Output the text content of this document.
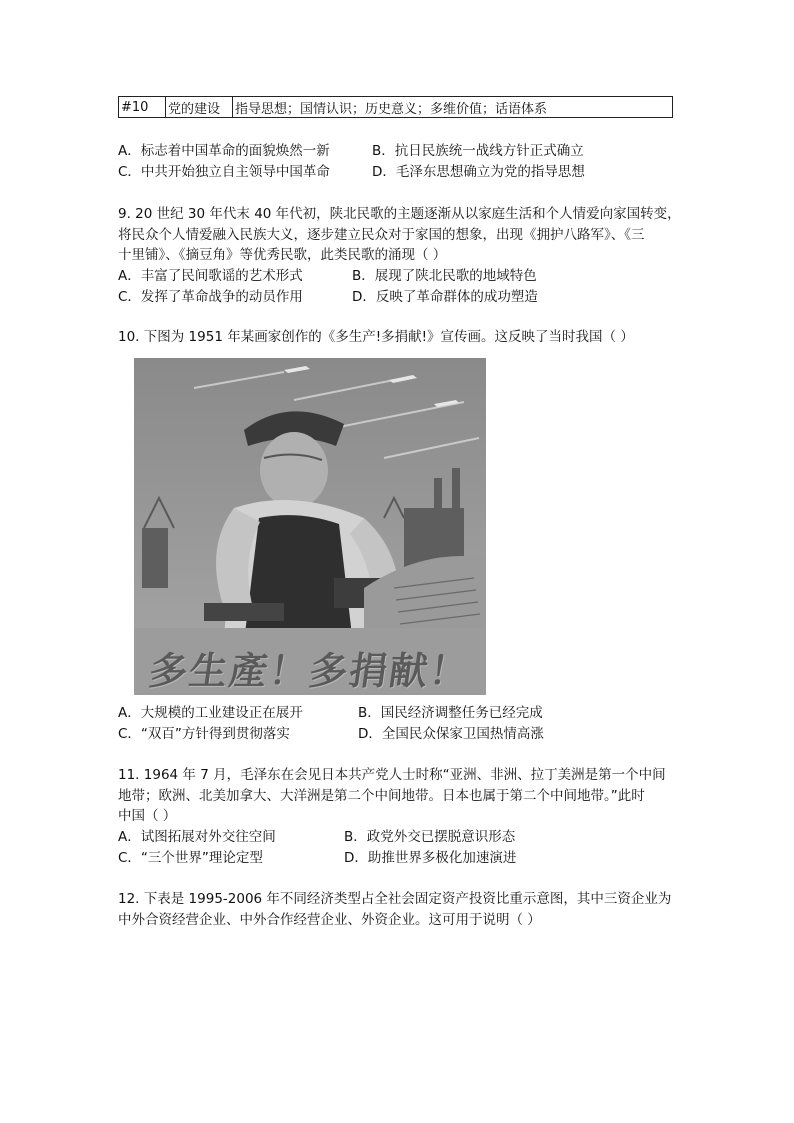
#10	党的建设	指导思想；国情认识；历史意义；多维价值；话语体系
A．标志着中国革命的面貌焕然一新	B．抗日民族统一战线方针正式确立
C．中共开始独立自主领导中国革命	D．毛泽东思想确立为党的指导思想
9. 20 世纪 30 年代末 40 年代初，陕北民歌的主题逐渐从以家庭生活和个人情爱向家国转变，
将民众个人情爱融入民族大义，逐步建立民众对于家国的想象，出现《拥护八路军》、《三
十里铺》、《摘豆角》等优秀民歌，此类民歌的涌现（ ）
A．丰富了民间歌谣的艺术形式	B．展现了陕北民歌的地域特色
C．发挥了革命战争的动员作用	D．反映了革命群体的成功塑造
10. 下图为 1951 年某画家创作的《多生产!多捐献!》宣传画。这反映了当时我国（ ）
多生產！多捐献！
A．大规模的工业建设正在展开	B．国民经济调整任务已经完成
C．“双百”方针得到贯彻落实	D．全国民众保家卫国热情高涨
11. 1964 年 7 月，毛泽东在会见日本共产党人士时称“亚洲、非洲、拉丁美洲是第一个中间
地带；欧洲、北美加拿大、大洋洲是第二个中间地带。日本也属于第二个中间地带。”此时
中国（ ）
A．试图拓展对外交往空间	B．政党外交已摆脱意识形态
C．“三个世界”理论定型	D．助推世界多极化加速演进
12. 下表是 1995-2006 年不同经济类型占全社会固定资产投资比重示意图，其中三资企业为
中外合资经营企业、中外合作经营企业、外资企业。这可用于说明（ ）
